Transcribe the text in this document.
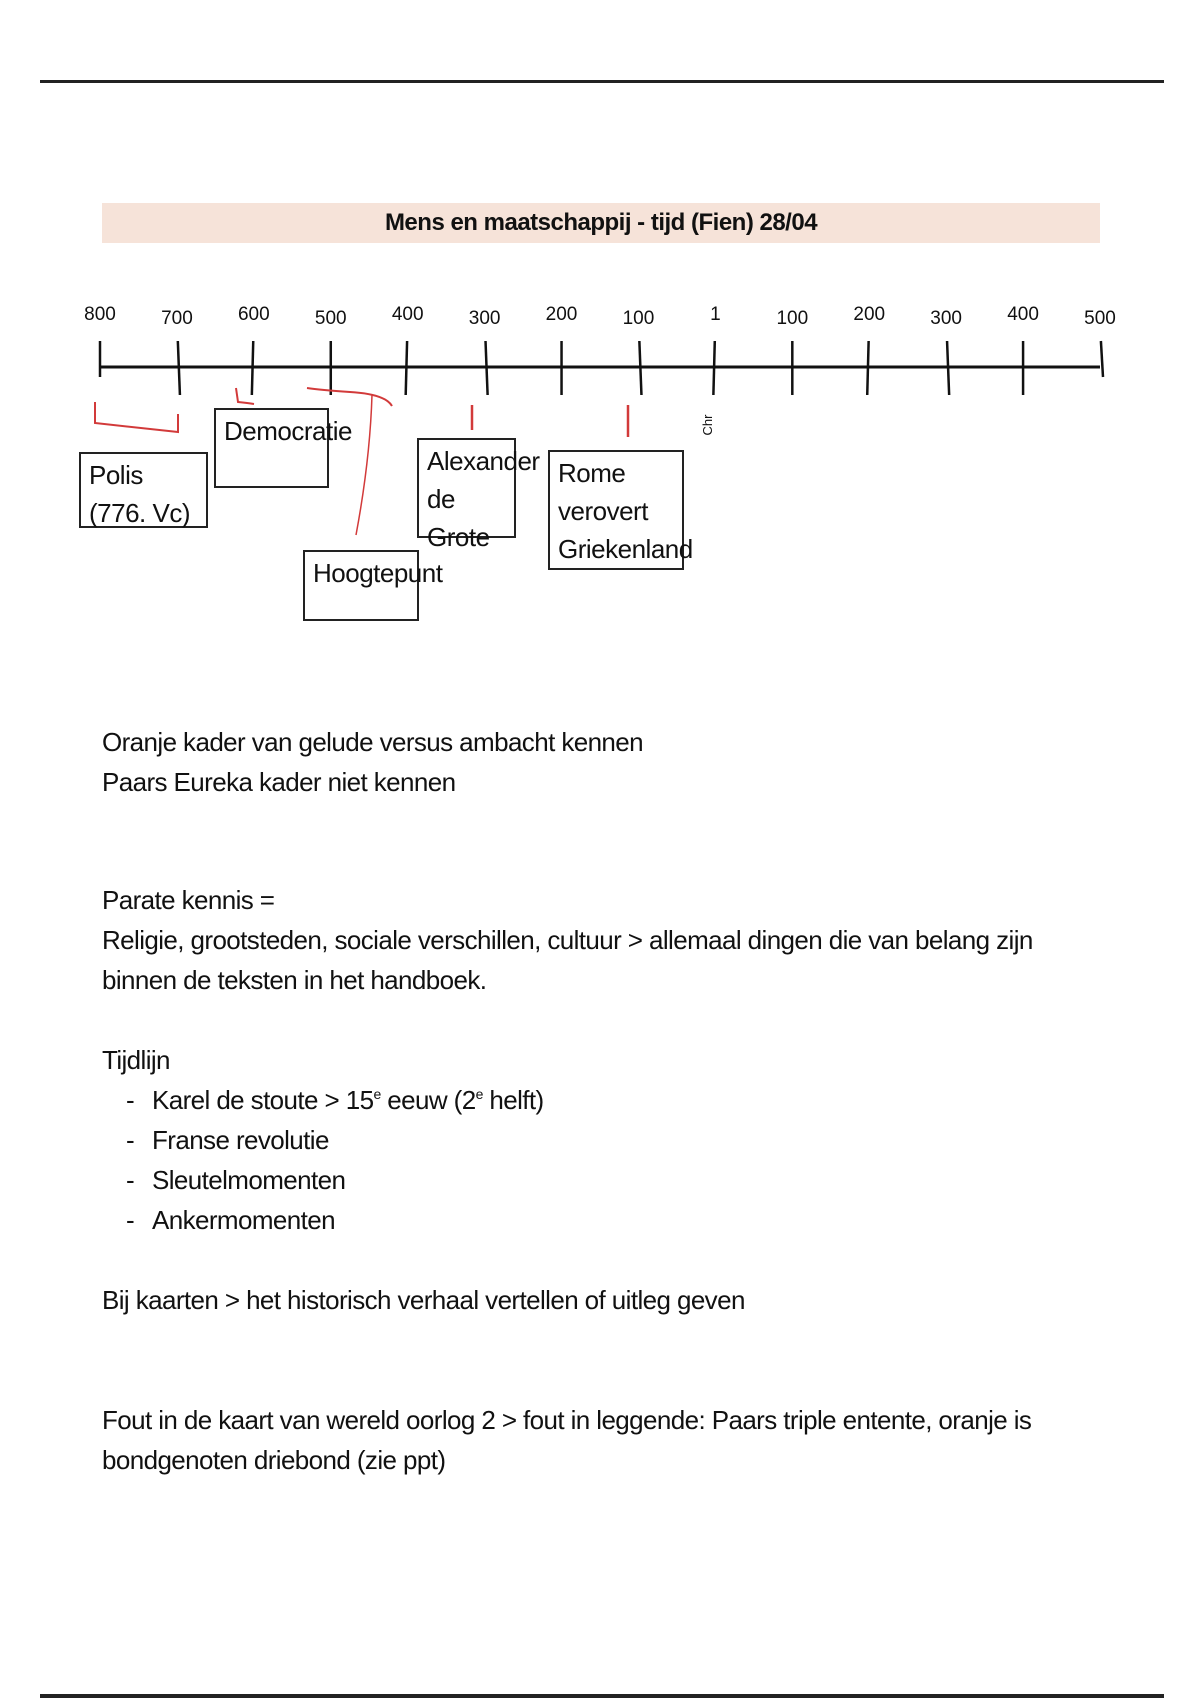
Mens en maatschappij - tijd (Fien) 28/04
800 700 600 500 400 300 200 100	1	100 200 300 400 500
Chr
Polis (776. Vc)
Democratie
Hoogtepunt
Alexander de Grote
Rome verovert Griekenland
Oranje kader van gelude versus ambacht kennen
Paars Eureka kader niet kennen
Parate kennis =
Religie, grootsteden, sociale verschillen, cultuur > allemaal dingen die van belang zijn binnen de teksten in het handboek.
Tijdlijn
- Karel de stoute > $15^e$ eeuw (2e helft)
- Franse revolutie
- Sleutelmomenten
- Ankermomenten
Bij kaarten > het historisch verhaal vertellen of uitleg geven
Fout in de kaart van wereld oorlog 2 > fout in leggende: Paars triple entente, oranje is bondgenoten driebond (zie ppt)
